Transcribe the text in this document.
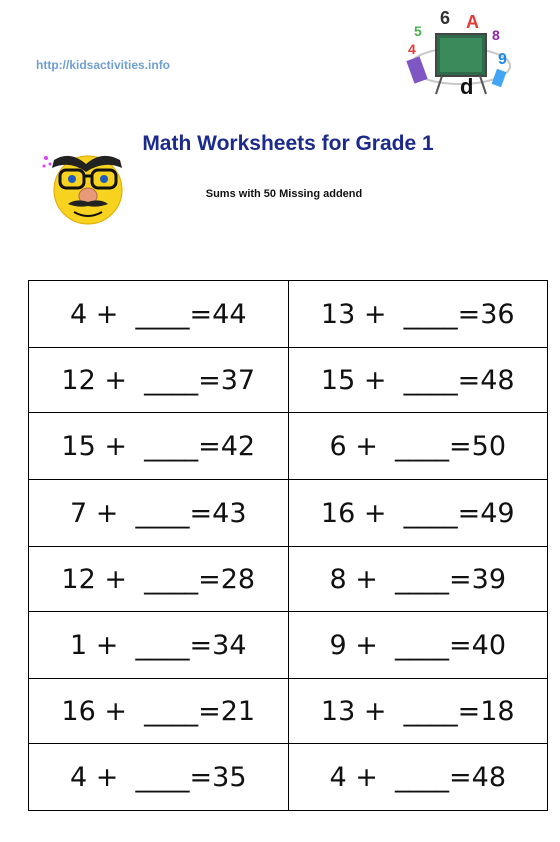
http://kidsactivities.info
5
6 A
8
4
9
d
Math Worksheets for Grade 1
Sums with 50 Missing addend
4 + ____=44	13 + ____=36
12 + ____=37	15 + ____=48
15 + ____=42	6 + ____=50
7 + ____=43	16 + ____=49
12 + ____=28	8 + ____=39
1 + ____=34	9 + ____=40
16 + ____=21	13 + ____=18
4 + ____=35	4 + ____=48
